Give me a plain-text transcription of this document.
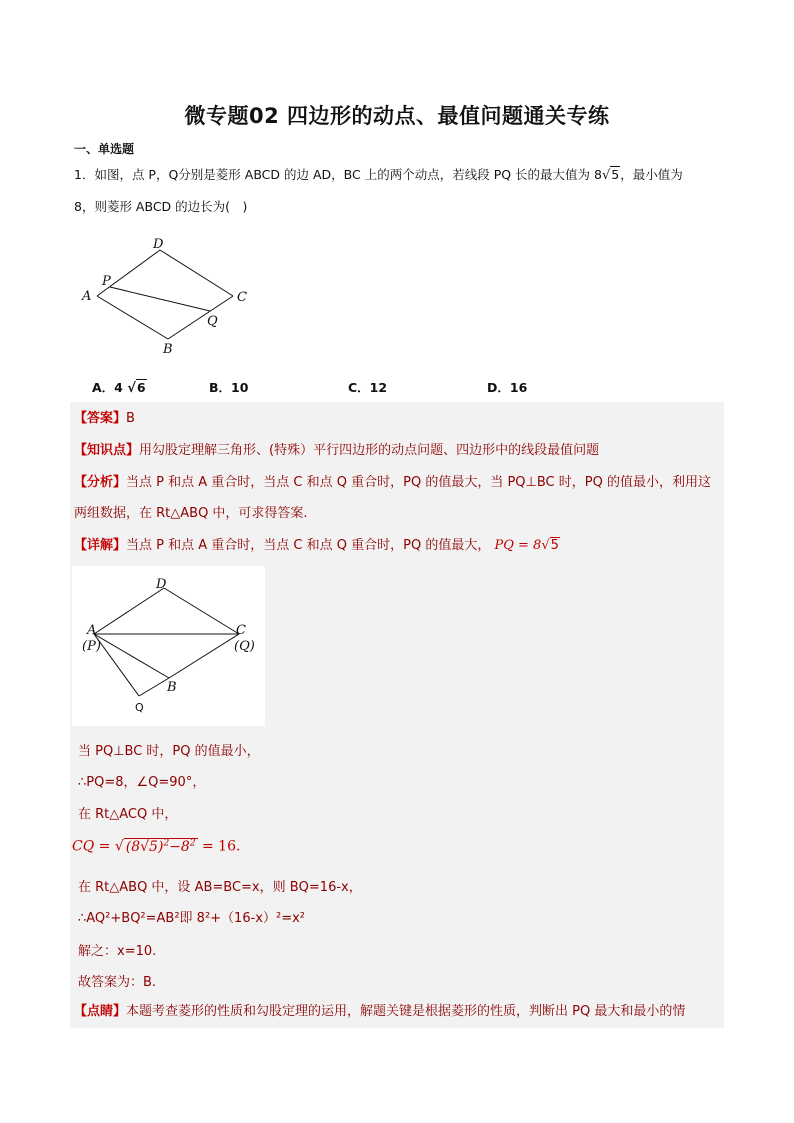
微专题02 四边形的动点、最值问题通关专练
一、单选题
1．如图，点 P，Q分别是菱形 ABCD 的边 AD，BC 上的两个动点，若线段 PQ 长的最大值为 8√5，最小值为
8，则菱形 ABCD 的边长为(　)
D
P
A	C
Q
B
A．4 √6	B．10	C．12	D．16
【答案】B
【知识点】用勾股定理解三角形、(特殊）平行四边形的动点问题、四边形中的线段最值问题
【分析】当点 P 和点 A 重合时，当点 C 和点 Q 重合时，PQ 的值最大，当 PQ⊥BC 时，PQ 的值最小，利用这
两组数据，在 Rt△ABQ 中，可求得答案.
【详解】当点 P 和点 A 重合时，当点 C 和点 Q 重合时，PQ 的值最大， PQ = 8√5
D
A
(P)
C
(Q)
B
Q
当 PQ⊥BC 时，PQ 的值最小，
∴PQ=8，∠Q=90°，
在 Rt△ACQ 中，
CQ = √ $(8√5)^2-8^2 = 16$.
在 Rt△ABQ 中，设 AB=BC=x，则 BQ=16-x，
∴AQ²+BQ²=AB²即 8²+（16-x）²=x²
解之：x=10.
故答案为：B.
【点睛】本题考查菱形的性质和勾股定理的运用，解题关键是根据菱形的性质，判断出 PQ 最大和最小的情
